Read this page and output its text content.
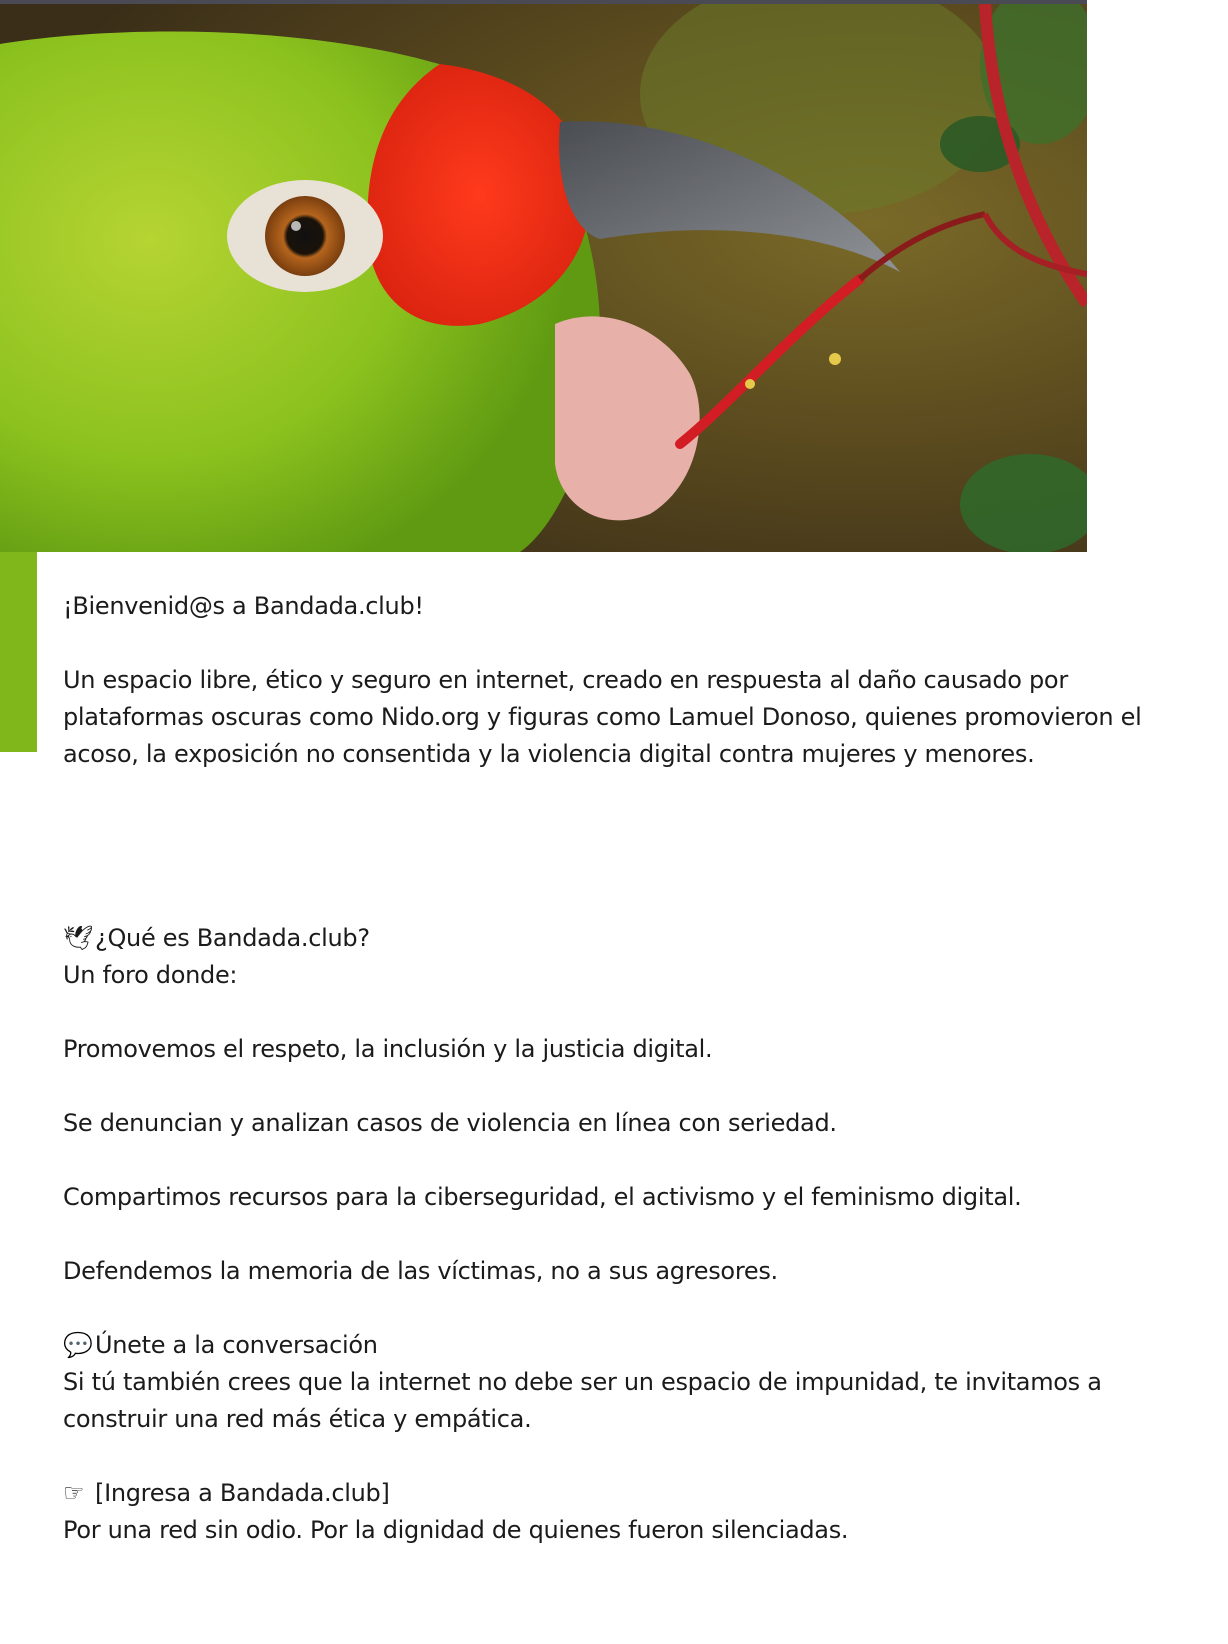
¡Bienvenid@s a Bandada.club!

Un espacio libre, ético y seguro en internet, creado en respuesta al daño causado por

plataformas oscuras como Nido.org y figuras como Lamuel Donoso, quienes promovieron el

acoso, la exposición no consentida y la violencia digital contra mujeres y menores.

🕊¿Qué es Bandada.club?

Un foro donde:

Promovemos el respeto, la inclusión y la justicia digital.

Se denuncian y analizan casos de violencia en línea con seriedad.

Compartimos recursos para la ciberseguridad, el activismo y el feminismo digital.

Defendemos la memoria de las víctimas, no a sus agresores.

💬 Únete a la conversación

Si tú también crees que la internet no debe ser un espacio de impunidad, te invitamos a

construir una red más ética y empática.

☞ [Ingresa a Bandada.club]

Por una red sin odio. Por la dignidad de quienes fueron silenciadas.
